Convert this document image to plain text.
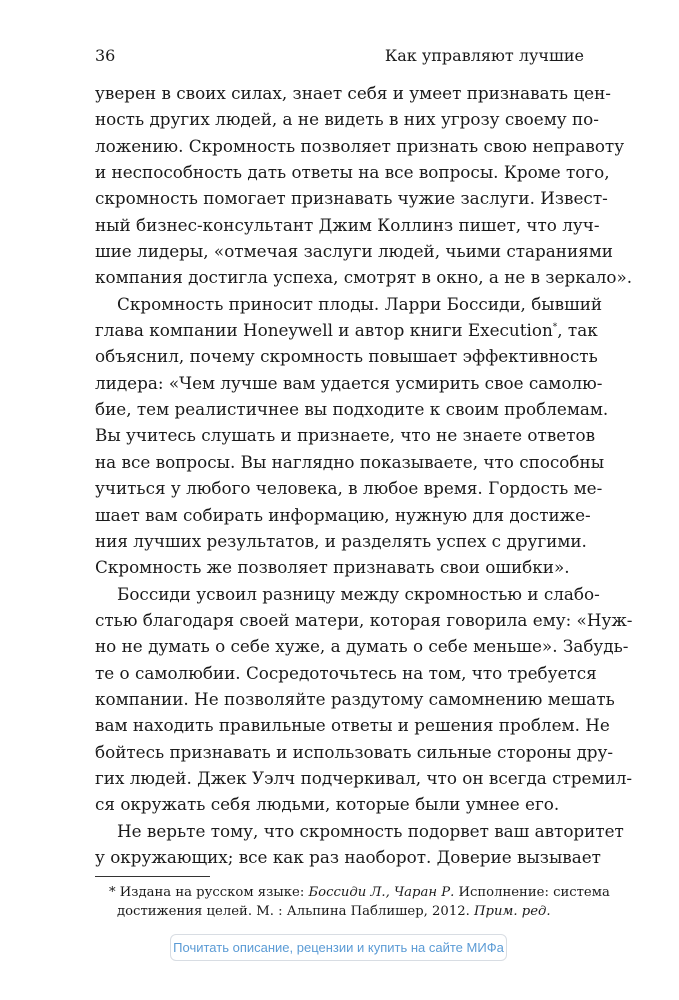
36	Как управляют лучшие
уверен в своих силах, знает себя и умеет признавать цен-
ность других людей, а не видеть в них угрозу своему по-
ложению. Скромность позволяет признать свою неправоту
и неспособность дать ответы на все вопросы. Кроме того,
скромность помогает признавать чужие заслуги. Извест-
ный бизнес-консультант Джим Коллинз пишет, что луч-
шие лидеры, «отмечая заслуги людей, чьими стараниями
компания достигла успеха, смотрят в окно, а не в зеркало».
Скромность приносит плоды. Ларри Боссиди, бывший
глава компании Honeywell и автор книги Execution*, так
объяснил, почему скромность повышает эффективность
лидера: «Чем лучше вам удается усмирить свое самолю-
бие, тем реалистичнее вы подходите к своим проблемам.
Вы учитесь слушать и признаете, что не знаете ответов
на все вопросы. Вы наглядно показываете, что способны
учиться у любого человека, в любое время. Гордость ме-
шает вам собирать информацию, нужную для достиже-
ния лучших результатов, и разделять успех с другими.
Скромность же позволяет признавать свои ошибки».
Боссиди усвоил разницу между скромностью и слабо-
стью благодаря своей матери, которая говорила ему: «Нуж-
но не думать о себе хуже, а думать о себе меньше». Забудь-
те о самолюбии. Сосредоточьтесь на том, что требуется
компании. Не позволяйте раздутому самомнению мешать
вам находить правильные ответы и решения проблем. Не
бойтесь признавать и использовать сильные стороны дру-
гих людей. Джек Уэлч подчеркивал, что он всегда стремил-
ся окружать себя людьми, которые были умнее его.
Не верьте тому, что скромность подорвет ваш авторитет
у окружающих; все как раз наоборот. Доверие вызывает
* Издана на русском языке: Боссиди Л., Чаран Р. Исполнение: система
достижения целей. М. : Альпина Паблишер, 2012. Прим. ред.
Почитать описание, рецензии и купить на сайте МИФа
